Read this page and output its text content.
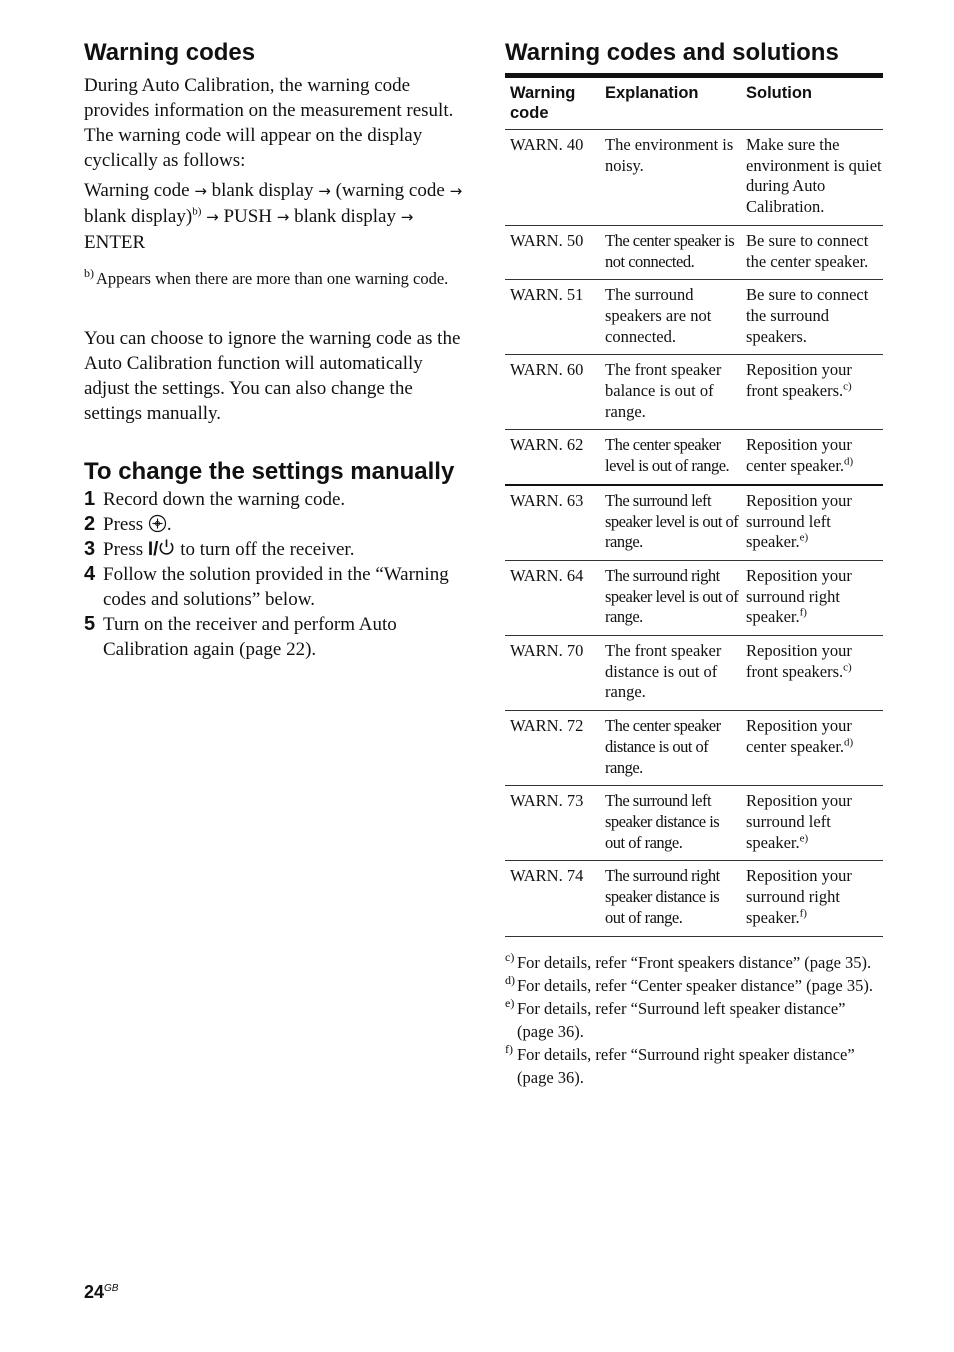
Warning codes

During Auto Calibration, the warning code provides information on the measurement result. The warning code will appear on the display cyclically as follows:

Warning code → blank display → (warning code → blank display)$^{b)}$ → PUSH → blank display → ENTER

b) Appears when there are more than one warning code.

You can choose to ignore the warning code as the Auto Calibration function will automatically adjust the settings. You can also change the settings manually.

To change the settings manually
1 Record down the warning code.
2 Press .
3 Press I/ to turn off the receiver.
4 Follow the solution provided in the “Warning codes and solutions” below.
5 Turn on the receiver and perform Auto Calibration again (page 22).
Warning codes and solutions
Warning code	Explanation	Solution
WARN. 40	The environment is noisy.	Make sure the environment is quiet during Auto Calibration.
WARN. 50	The center speaker is not connected.	Be sure to connect the center speaker.
WARN. 51	The surround speakers are not connected.	Be sure to connect the surround speakers.
WARN. 60	The front speaker balance is out of range.	Reposition your front speakers.$^{c)}$
WARN. 62	The center speaker level is out of range.	Reposition your center speaker.$^{d)}$
WARN. 63	The surround left speaker level is out of range.	Reposition your surround left speaker.$^{e)}$
WARN. 64	The surround right speaker level is out of range.	Reposition your surround right speaker.$^{f)}$
WARN. 70	The front speaker distance is out of range.	Reposition your front speakers.$^{c)}$
WARN. 72	The center speaker distance is out of range.	Reposition your center speaker.$^{d)}$
WARN. 73	The surround left speaker distance is out of range.	Reposition your surround left speaker.$^{e)}$
WARN. 74	The surround right speaker distance is out of range.	Reposition your surround right speaker.$^{f)}$

c) For details, refer “Front speakers distance” (page 35).

d) For details, refer “Center speaker distance” (page 35).

e) For details, refer “Surround left speaker distance” (page 36).

f) For details, refer “Surround right speaker distance” (page 36).

$24^{GB}$
